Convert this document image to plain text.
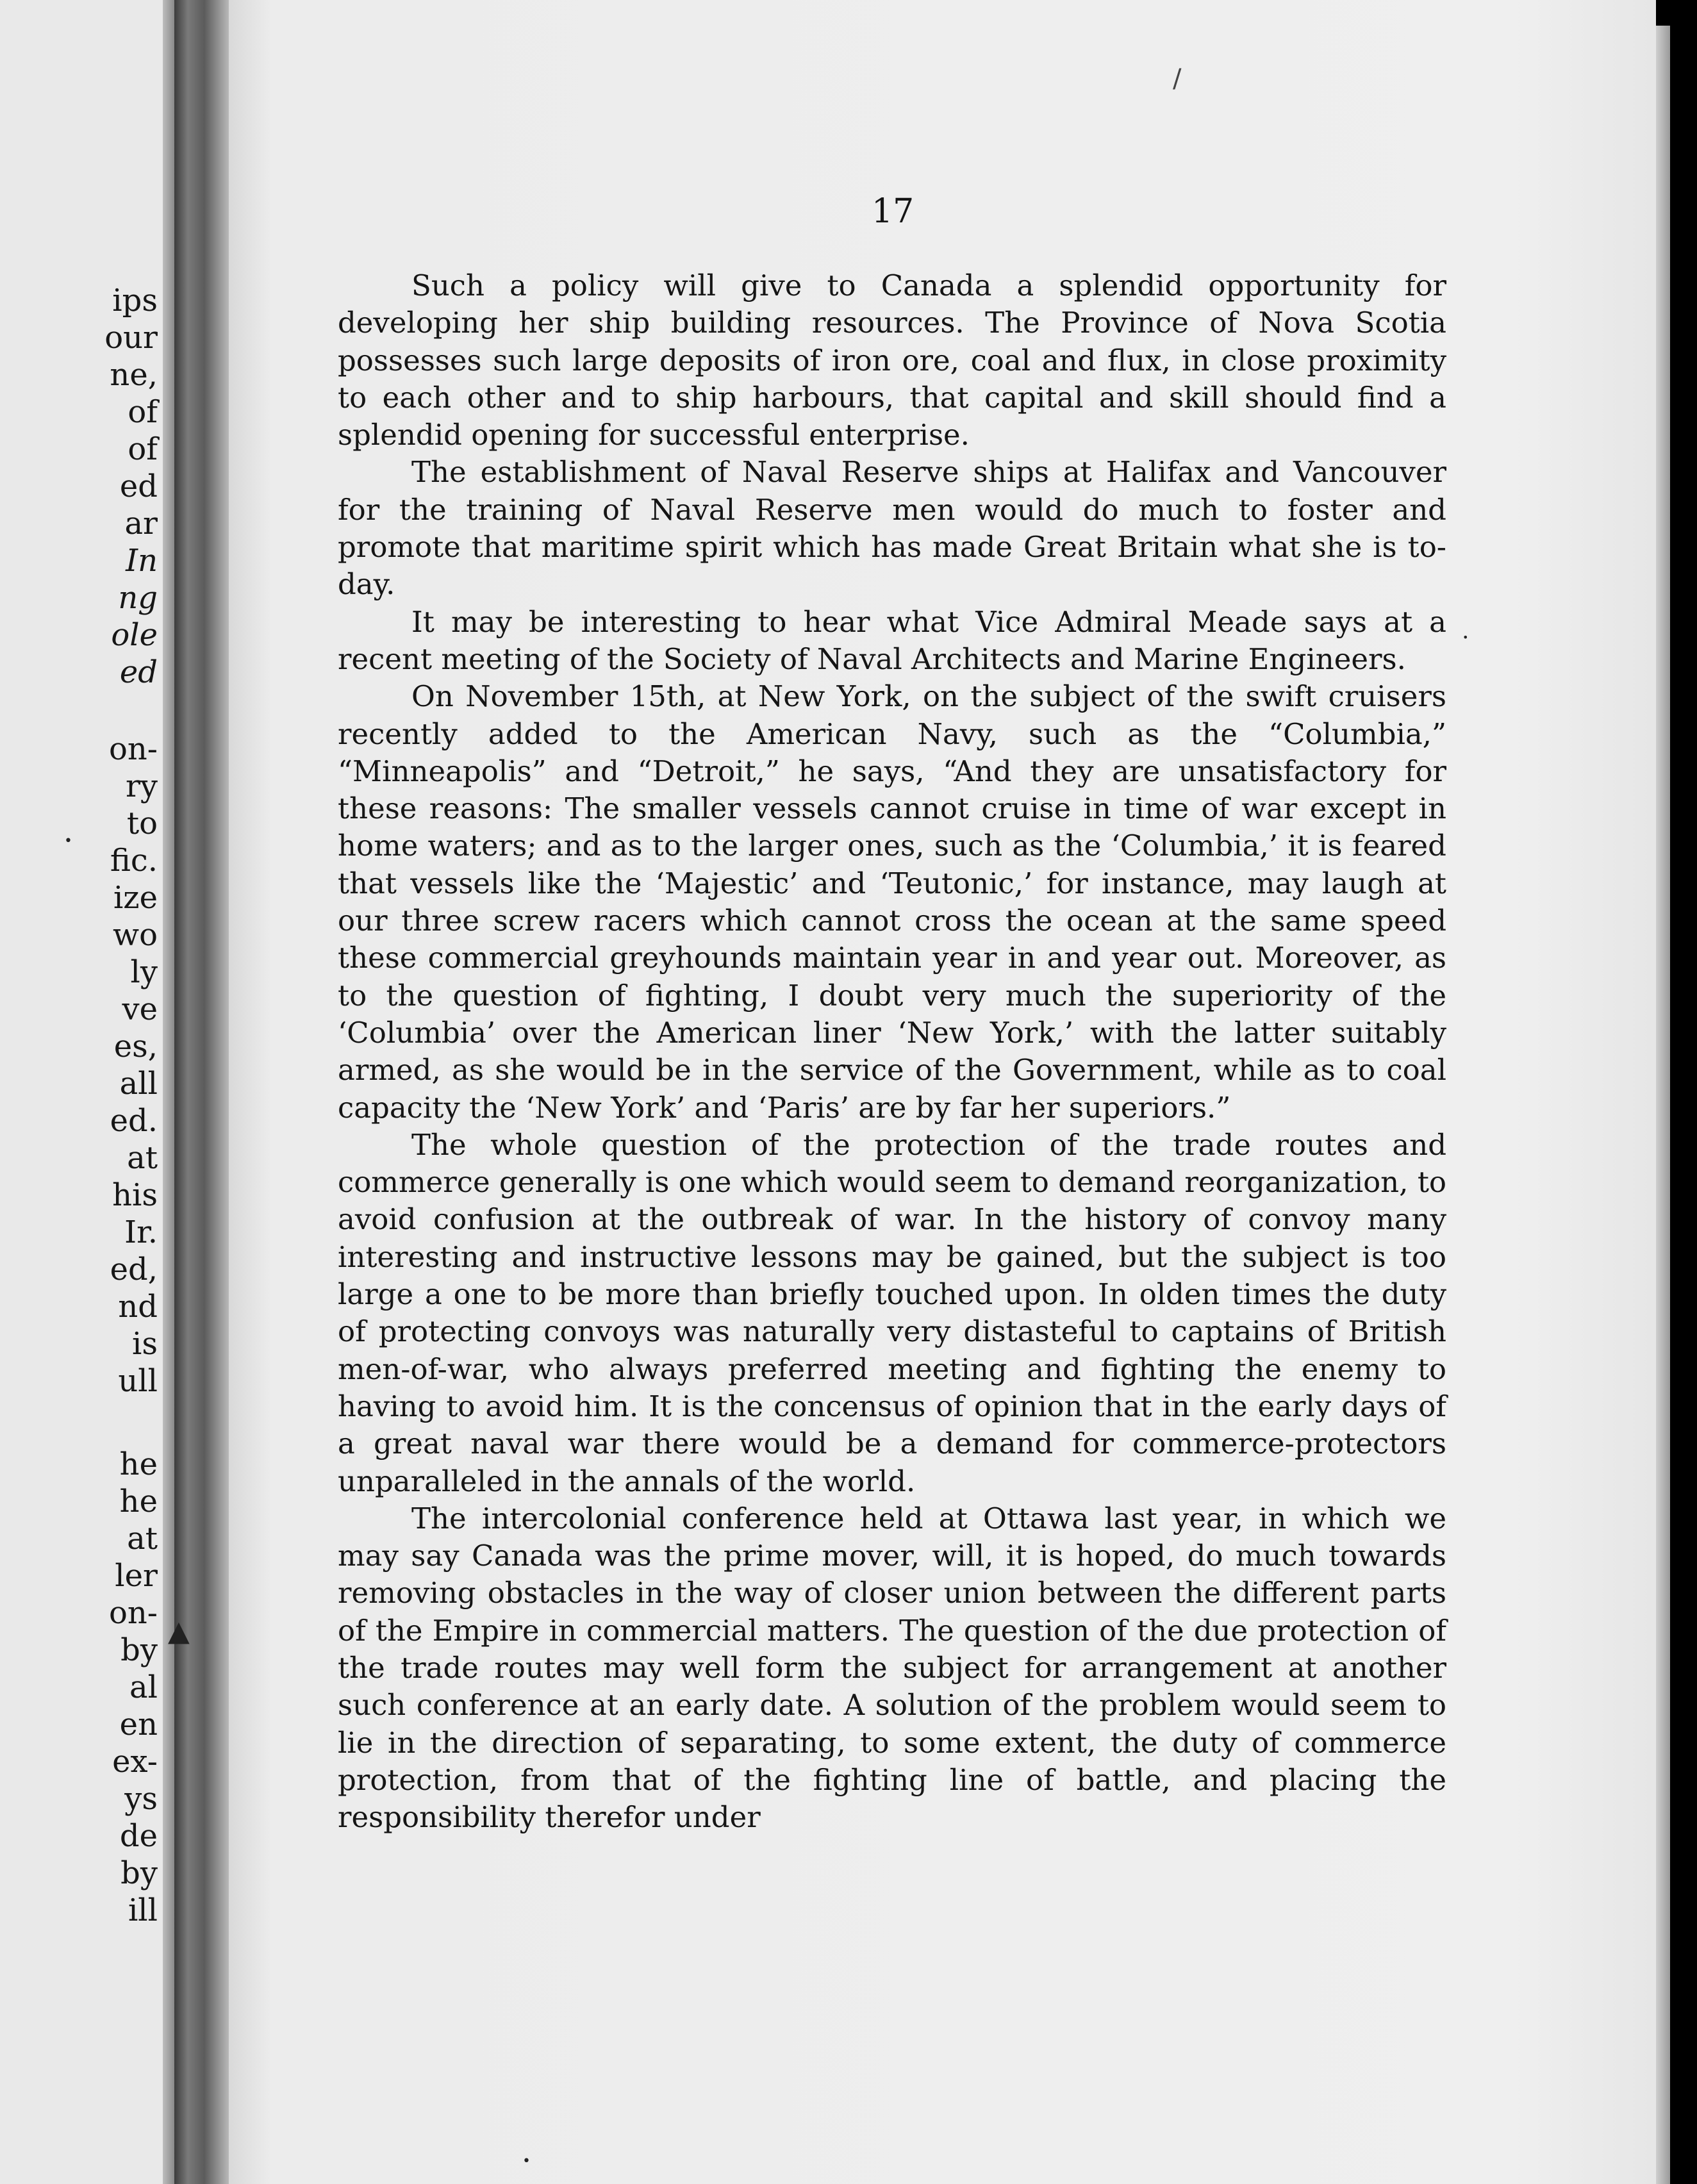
ips
our
ne,
of
of
ed
ar
In
ng
ole
ed
on-
ry
to
fic.
ize
wo
ly
ve
es,
all
ed.
at
his
Ir.
ed,
nd
is
ull
he
he
at
ler
on-
by
al
en
ex-
ys
de
by
ill
17

Such a policy will give to Canada a splendid opportunity for developing her ship building resources. The Province of Nova Scotia possesses such large deposits of iron ore, coal and flux, in close proximity to each other and to ship harbours, that capital and skill should find a splendid opening for successful enterprise.

The establishment of Naval Reserve ships at Halifax and Vancouver for the training of Naval Reserve men would do much to foster and promote that maritime spirit which has made Great Britain what she is to-day.

It may be interesting to hear what Vice Admiral Meade says at a recent meeting of the Society of Naval Architects and Marine Engineers.

On November 15th, at New York, on the subject of the swift cruisers recently added to the American Navy, such as the “Columbia,” “Minneapolis” and “Detroit,” he says, “And they are unsatisfactory for these reasons: The smaller vessels cannot cruise in time of war except in home waters; and as to the larger ones, such as the ‘Columbia,’ it is feared that vessels like the ‘Majestic’ and ‘Teutonic,’ for instance, may laugh at our three screw racers which cannot cross the ocean at the same speed these commercial greyhounds maintain year in and year out. Moreover, as to the question of fighting, I doubt very much the superiority of the ‘Columbia’ over the American liner ‘New York,’ with the latter suitably armed, as she would be in the service of the Government, while as to coal capacity the ‘New York’ and ‘Paris’ are by far her superiors.”

The whole question of the protection of the trade routes and commerce generally is one which would seem to demand reorganization, to avoid confusion at the outbreak of war. In the history of convoy many interesting and instructive lessons may be gained, but the subject is too large a one to be more than briefly touched upon. In olden times the duty of protecting convoys was naturally very distasteful to captains of British men-of-war, who always preferred meeting and fighting the enemy to having to avoid him. It is the concensus of opinion that in the early days of a great naval war there would be a demand for commerce-protectors unparalleled in the annals of the world.

The intercolonial conference held at Ottawa last year, in which we may say Canada was the prime mover, will, it is hoped, do much towards removing obstacles in the way of closer union between the different parts of the Empire in commercial matters. The question of the due protection of the trade routes may well form the subject for arrangement at another such conference at an early date. A solution of the problem would seem to lie in the direction of separating, to some extent, the duty of commerce protection, from that of the fighting line of battle, and placing the responsibility therefor under

▲
•
•
•
/
